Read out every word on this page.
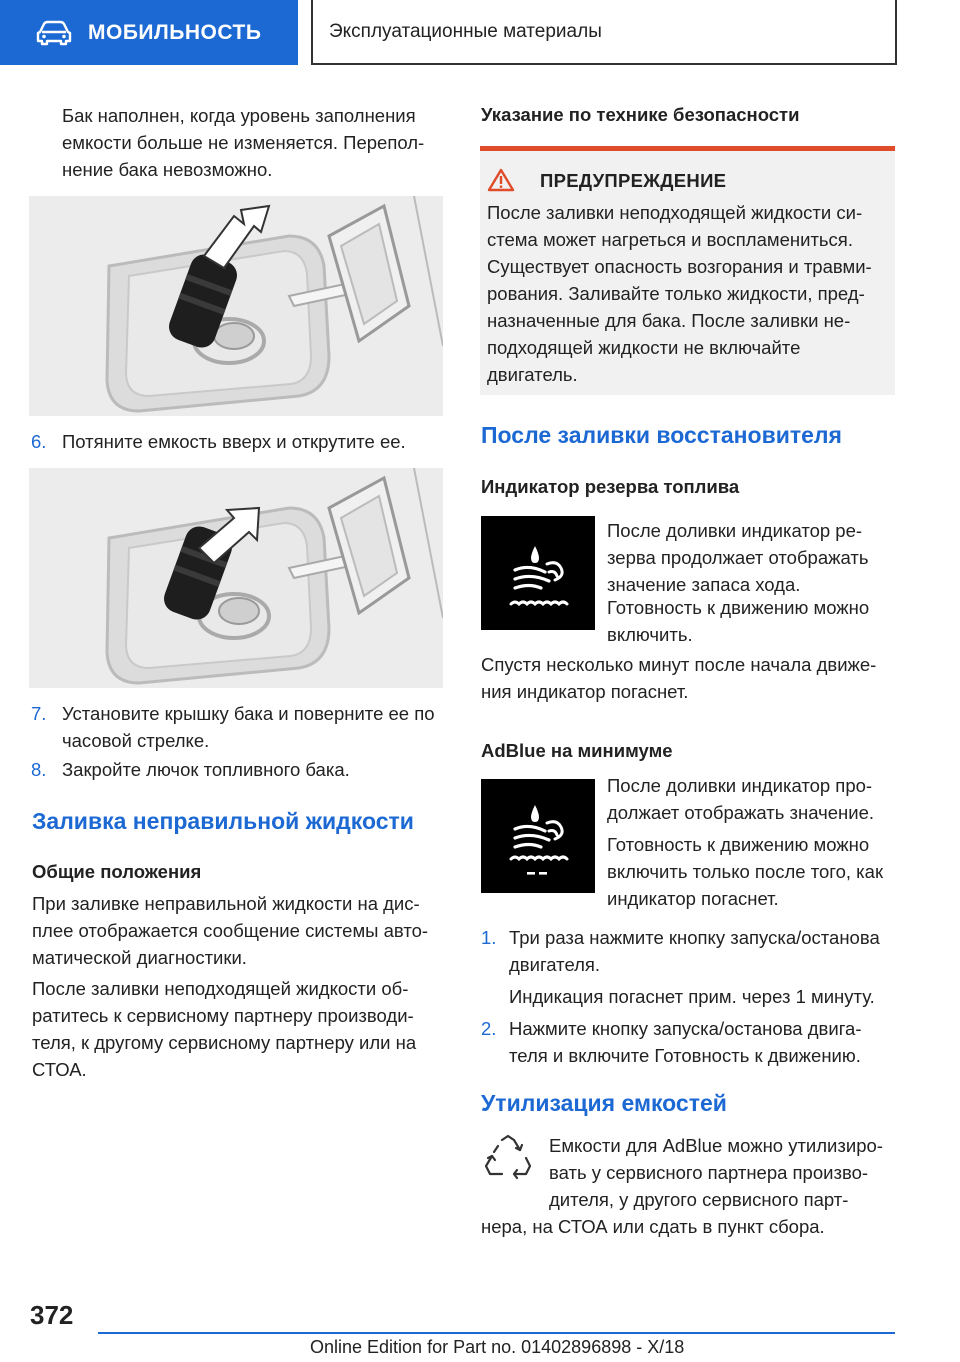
МОБИЛЬНОСТЬ	Эксплуатационные материалы
Бак наполнен, когда уровень заполнения
емкости больше не изменяется. Перепол-
нение бака невозможно.
6. Потяните емкость вверх и открутите ее.
7. Установите крышку бака и поверните ее по
часовой стрелке.
8. Закройте лючок топливного бака.
Заливка неправильной жидкости
Общие положения
При заливке неправильной жидкости на дис-
плее отображается сообщение системы авто-
матической диагностики.
После заливки неподходящей жидкости об-
ратитесь к сервисному партнеру производи-
теля, к другому сервисному партнеру или на
СТОА.
Указание по технике безопасности
ПРЕДУПРЕЖДЕНИЕ
После заливки неподходящей жидкости си-
стема может нагреться и воспламениться.
Существует опасность возгорания и травми-
рования. Заливайте только жидкости, пред-
назначенные для бака. После заливки не-
подходящей жидкости не включайте
двигатель.
После заливки восстановителя
Индикатор резерва топлива
После доливки индикатор ре-
зерва продолжает отображать
значение запаса хода.
Готовность к движению можно
включить.
Спустя несколько минут после начала движе-
ния индикатор погаснет.
AdBlue на минимуме
После доливки индикатор про-
должает отображать значение.
Готовность к движению можно
включить только после того, как
индикатор погаснет.
1. Три раза нажмите кнопку запуска/останова
двигателя.
Индикация погаснет прим. через 1 минуту.
2. Нажмите кнопку запуска/останова двига-
теля и включите Готовность к движению.
Утилизация емкостей
Емкости для AdBlue можно утилизиро-
вать у сервисного партнера произво-
дителя, у другого сервисного парт-
нера, на СТОА или сдать в пункт сбора.
372
Online Edition for Part no. 01402896898 - X/18
